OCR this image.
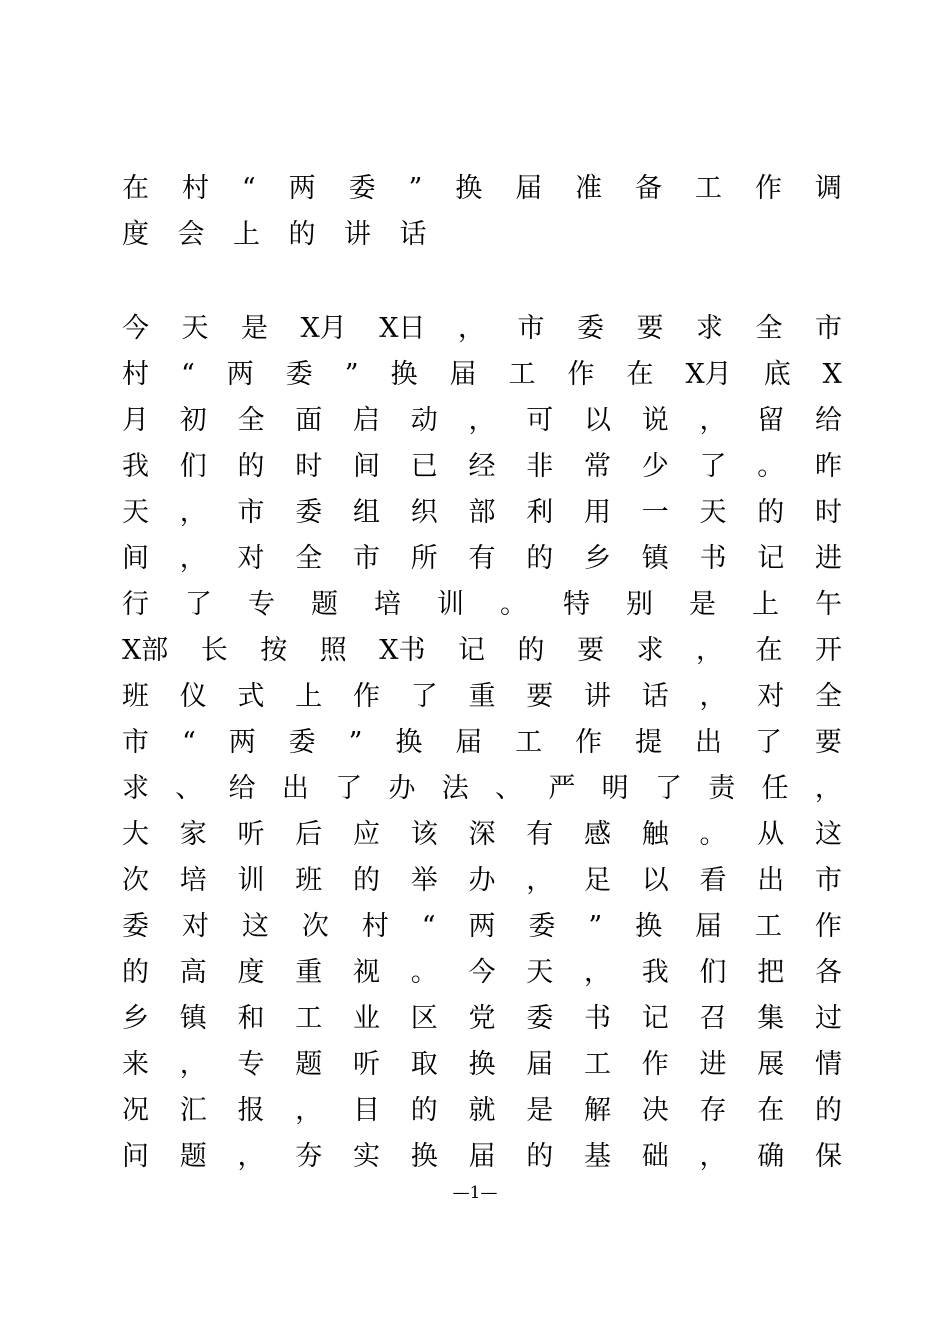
在 村 “ 两 委 ” 换 届 准 备 工 作 调
度 会 上 的 讲 话
今 天 是 X月 X日 ， 市 委 要 求 全 市
村 “ 两 委 ” 换 届 工 作 在 X月 底 X
月 初 全 面 启 动 ， 可 以 说 ， 留 给
我 们 的 时 间 已 经 非 常 少 了 。 昨
天 ， 市 委 组 织 部 利 用 一 天 的 时
间 ， 对 全 市 所 有 的 乡 镇 书 记 进
行 了 专 题 培 训 。 特 别 是 上 午
X部 长 按 照 X书 记 的 要 求 ， 在 开
班 仪 式 上 作 了 重 要 讲 话 ， 对 全
市 “ 两 委 ” 换 届 工 作 提 出 了 要
求 、 给 出 了 办 法 、 严 明 了 责 任 ，
大 家 听 后 应 该 深 有 感 触 。 从 这
次 培 训 班 的 举 办 ， 足 以 看 出 市
委 对 这 次 村 “ 两 委 ” 换 届 工 作
的 高 度 重 视 。 今 天 ， 我 们 把 各
乡 镇 和 工 业 区 党 委 书 记 召 集 过
来 ， 专 题 听 取 换 届 工 作 进 展 情
况 汇 报 ， 目 的 就 是 解 决 存 在 的
问 题 ， 夯 实 换 届 的 基 础 ， 确 保
—1—
